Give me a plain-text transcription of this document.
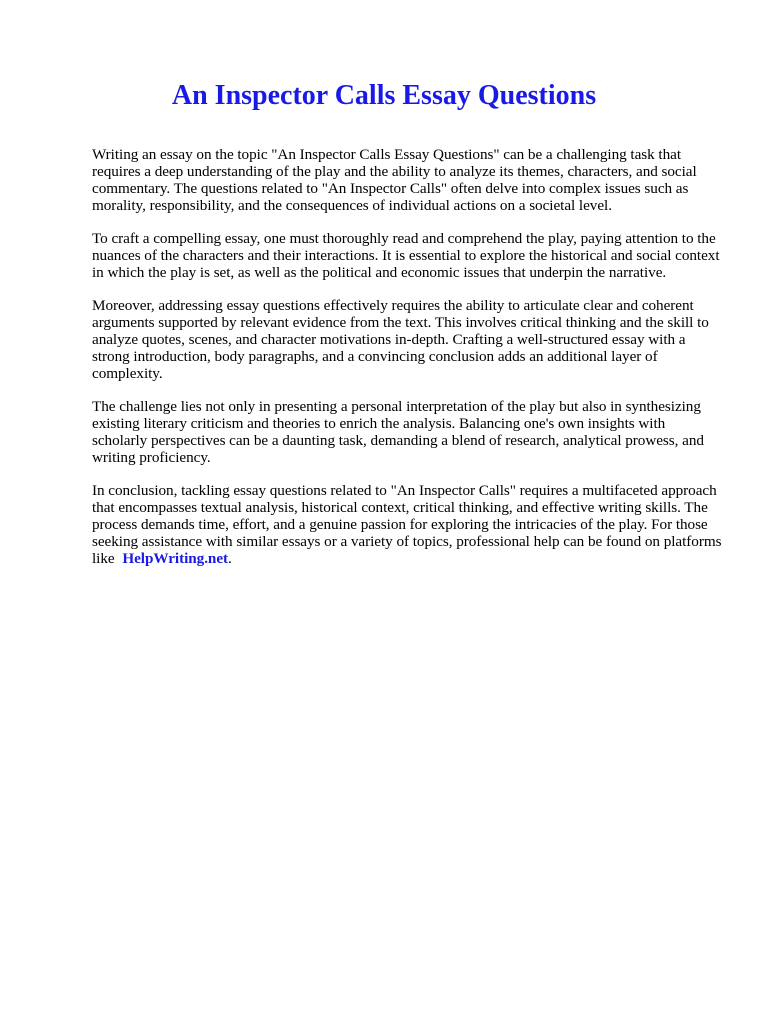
An Inspector Calls Essay Questions

Writing an essay on the topic "An Inspector Calls Essay Questions" can be a challenging task that requires a deep understanding of the play and the ability to analyze its themes, characters, and social commentary. The questions related to "An Inspector Calls" often delve into complex issues such as morality, responsibility, and the consequences of individual actions on a societal level.

To craft a compelling essay, one must thoroughly read and comprehend the play, paying attention to the nuances of the characters and their interactions. It is essential to explore the historical and social context in which the play is set, as well as the political and economic issues that underpin the narrative.

Moreover, addressing essay questions effectively requires the ability to articulate clear and coherent arguments supported by relevant evidence from the text. This involves critical thinking and the skill to analyze quotes, scenes, and character motivations in-depth. Crafting a well-structured essay with a strong introduction, body paragraphs, and a convincing conclusion adds an additional layer of complexity.

The challenge lies not only in presenting a personal interpretation of the play but also in synthesizing existing literary criticism and theories to enrich the analysis. Balancing one's own insights with scholarly perspectives can be a daunting task, demanding a blend of research, analytical prowess, and writing proficiency.

In conclusion, tackling essay questions related to "An Inspector Calls" requires a multifaceted approach that encompasses textual analysis, historical context, critical thinking, and effective writing skills. The process demands time, effort, and a genuine passion for exploring the intricacies of the play. For those seeking assistance with similar essays or a variety of topics, professional help can be found on platforms like HelpWriting.net.
